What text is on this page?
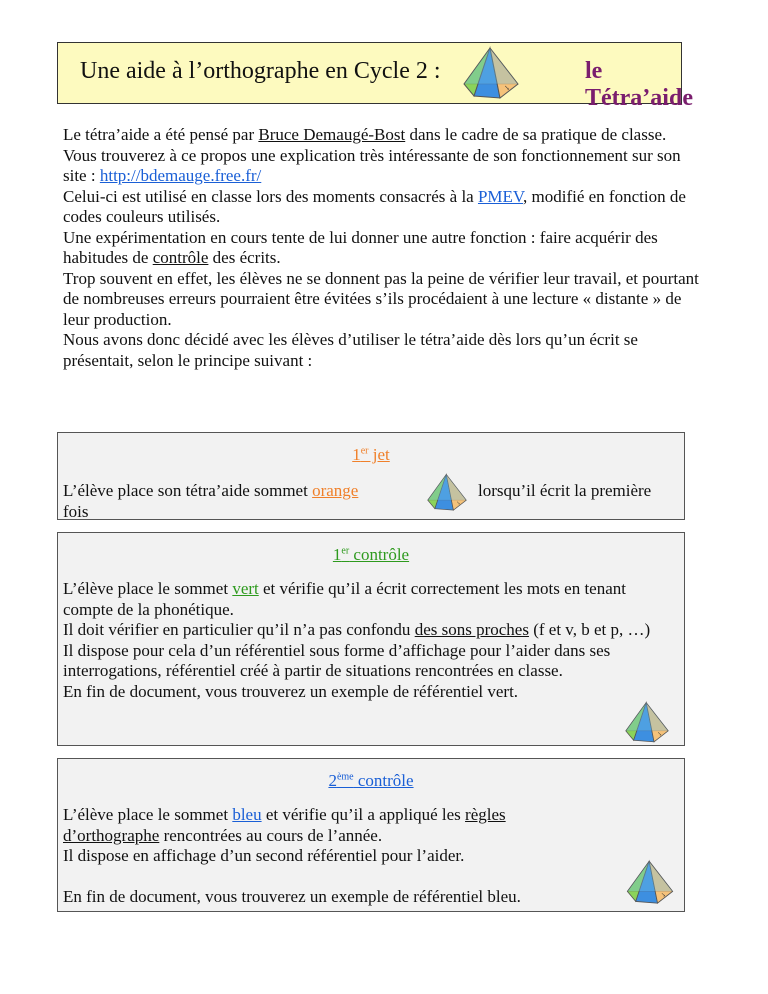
Une aide à l’orthographe en Cycle 2 :	le Tétra’aide

Le tétra’aide a été pensé par Bruce Demaugé-Bost dans le cadre de sa pratique de classe.

Vous trouverez à ce propos une explication très intéressante de son fonctionnement sur son site : http://bdemauge.free.fr/

Celui-ci est utilisé en classe lors des moments consacrés à la PMEV, modifié en fonction de codes couleurs utilisés.

Une expérimentation en cours tente de lui donner une autre fonction : faire acquérir des habitudes de contrôle des écrits.

Trop souvent en effet, les élèves ne se donnent pas la peine de vérifier leur travail, et pourtant de nombreuses erreurs pourraient être évitées s’ils procédaient à une lecture « distante » de leur production.

Nous avons donc décidé avec les élèves d’utiliser le tétra’aide dès lors qu’un écrit se présentait, selon le principe suivant :

1er jet
L’élève place son tétra’aide sommet orange
fois
lorsqu’il écrit la première
1er contrôle

L’élève place le sommet vert et vérifie qu’il a écrit correctement les mots en tenant compte de la phonétique.

Il doit vérifier en particulier qu’il n’a pas confondu des sons proches (f et v, b et p, …)

Il dispose pour cela d’un référentiel sous forme d’affichage pour l’aider dans ses interrogations, référentiel créé à partir de situations rencontrées en classe.

En fin de document, vous trouverez un exemple de référentiel vert.

2ème contrôle

L’élève place le sommet bleu et vérifie qu’il a appliqué les règles d’orthographe rencontrées au cours de l’année.

Il dispose en affichage d’un second référentiel pour l’aider.

En fin de document, vous trouverez un exemple de référentiel bleu.
